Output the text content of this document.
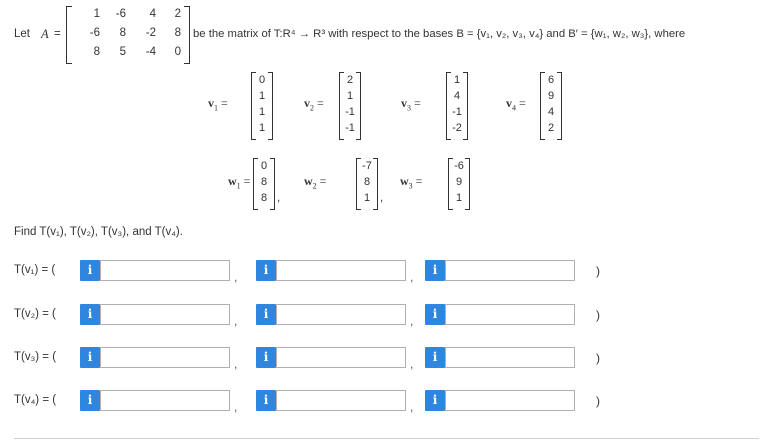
Let A =
1	-6	4	2
-6	8	-2	8
8	5	-4	0
be the matrix of T:R⁴ → R³ with respect to the bases B = {v₁, v₂, v₃, v₄} and B′ = {w₁, w₂, w₃}, where
$v_1$ =
0
1
1
1
$v_2$ =
2
1
-1
-1
$v_3$ =
1
4
-1
-2
$v_4$ =
6
9
4
2
$w_1$ =
0
8
8 ,
$w_2$ =
-7
8
1 ,
$w_3$ =
-6
9
1
Find T(v₁), T(v₂), T(v₃), and T(v₄).
T(v₁) = (	i	,	i	,	i	)
T(v₂) = (	i	,	i	,	i	)
T(v₃) = (	i	,	i	,	i	)
T(v₄) = (	i	,	i	,	i	)
